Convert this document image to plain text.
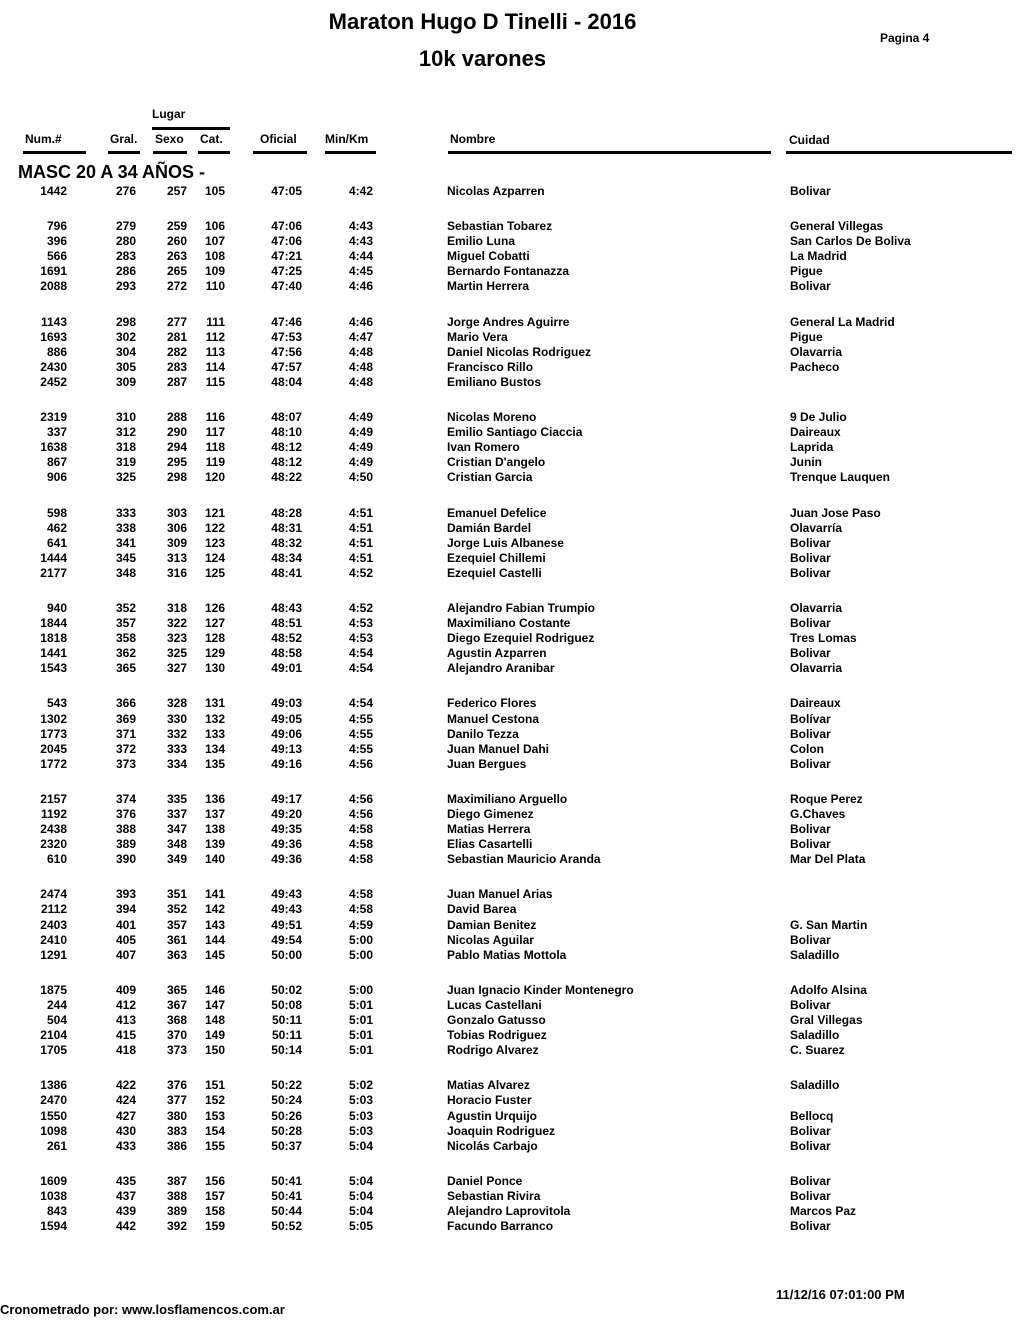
Maraton Hugo D Tinelli - 2016
10k varones
Pagina 4
Lugar
Num.#	Gral. Sexo Cat.	Oficial Min/Km	Nombre	Cuidad
MASC 20 A 34 AÑOS -
1442	276	257 105	47:05	4:42	Nicolas Azparren	Bolivar
796	279	259 106	47:06	4:43	Sebastian Tobarez	General Villegas
396	280	260 107	47:06	4:43	Emilio Luna	San Carlos De Boliva
566	283	263 108	47:21	4:44	Miguel Cobatti	La Madrid
1691	286	265 109	47:25	4:45	Bernardo Fontanazza	Pigue
2088	293	272 110	47:40	4:46	Martin Herrera	Bolivar
1143	298	277 111	47:46	4:46	Jorge Andres Aguirre	General La Madrid
1693	302	281 112	47:53	4:47	Mario Vera	Pigue
886	304	282 113	47:56	4:48	Daniel Nicolas Rodriguez	Olavarria
2430	305	283 114	47:57	4:48	Francisco Rillo	Pacheco
2452	309	287 115	48:04	4:48	Emiliano Bustos
2319	310	288 116	48:07	4:49	Nicolas Moreno	9 De Julio
337	312	290 117	48:10	4:49	Emilio Santiago Ciaccia	Daireaux
1638	318	294 118	48:12	4:49	Ivan Romero	Laprida
867	319	295 119	48:12	4:49	Cristian D'angelo	Junin
906	325	298 120	48:22	4:50	Cristian Garcia	Trenque Lauquen
598	333	303 121	48:28	4:51	Emanuel Defelice	Juan Jose Paso
462	338	306 122	48:31	4:51	Damián Bardel	Olavarría
641	341	309 123	48:32	4:51	Jorge Luis Albanese	Bolivar
1444	345	313 124	48:34	4:51	Ezequiel Chillemi	Bolivar
2177	348	316 125	48:41	4:52	Ezequiel Castelli	Bolivar
940	352	318 126	48:43	4:52	Alejandro Fabian Trumpio	Olavarria
1844	357	322 127	48:51	4:53	Maximiliano Costante	Bolivar
1818	358	323 128	48:52	4:53	Diego Ezequiel Rodriguez	Tres Lomas
1441	362	325 129	48:58	4:54	Agustin Azparren	Bolivar
1543	365	327 130	49:01	4:54	Alejandro Aranibar	Olavarria
543	366	328 131	49:03	4:54	Federico Flores	Daireaux
1302	369	330 132	49:05	4:55	Manuel Cestona	Bolívar
1773	371	332 133	49:06	4:55	Danilo Tezza	Bolivar
2045	372	333 134	49:13	4:55	Juan Manuel Dahi	Colon
1772	373	334 135	49:16	4:56	Juan Bergues	Bolivar
2157	374	335 136	49:17	4:56	Maximiliano Arguello	Roque Perez
1192	376	337 137	49:20	4:56	Diego Gimenez	G.Chaves
2438	388	347 138	49:35	4:58	Matias Herrera	Bolivar
2320	389	348 139	49:36	4:58	Elias Casartelli	Bolivar
610	390	349 140	49:36	4:58	Sebastian Mauricio Aranda	Mar Del Plata
2474	393	351 141	49:43	4:58	Juan Manuel Arias
2112	394	352 142	49:43	4:58	David Barea
2403	401	357 143	49:51	4:59	Damian Benitez	G. San Martin
2410	405	361 144	49:54	5:00	Nicolas Aguilar	Bolivar
1291	407	363 145	50:00	5:00	Pablo Matias Mottola	Saladillo
1875	409	365 146	50:02	5:00	Juan Ignacio Kinder Montenegro	Adolfo Alsina
244	412	367 147	50:08	5:01	Lucas Castellani	Bolivar
504	413	368 148	50:11	5:01	Gonzalo Gatusso	Gral Villegas
2104	415	370 149	50:11	5:01	Tobias Rodriguez	Saladillo
1705	418	373 150	50:14	5:01	Rodrigo Alvarez	C. Suarez
1386	422	376 151	50:22	5:02	Matias Alvarez	Saladillo
2470	424	377 152	50:24	5:03	Horacio Fuster
1550	427	380 153	50:26	5:03	Agustin Urquijo	Bellocq
1098	430	383 154	50:28	5:03	Joaquin Rodriguez	Bolivar
261	433	386 155	50:37	5:04	Nicolás Carbajo	Bolivar
1609	435	387 156	50:41	5:04	Daniel Ponce	Bolivar
1038	437	388 157	50:41	5:04	Sebastian Rivira	Bolivar
843	439	389 158	50:44	5:04	Alejandro Laprovitola	Marcos Paz
1594	442	392 159	50:52	5:05	Facundo Barranco	Bolivar
Cronometrado por: www.losflamencos.com.ar
11/12/16 07:01:00 PM
